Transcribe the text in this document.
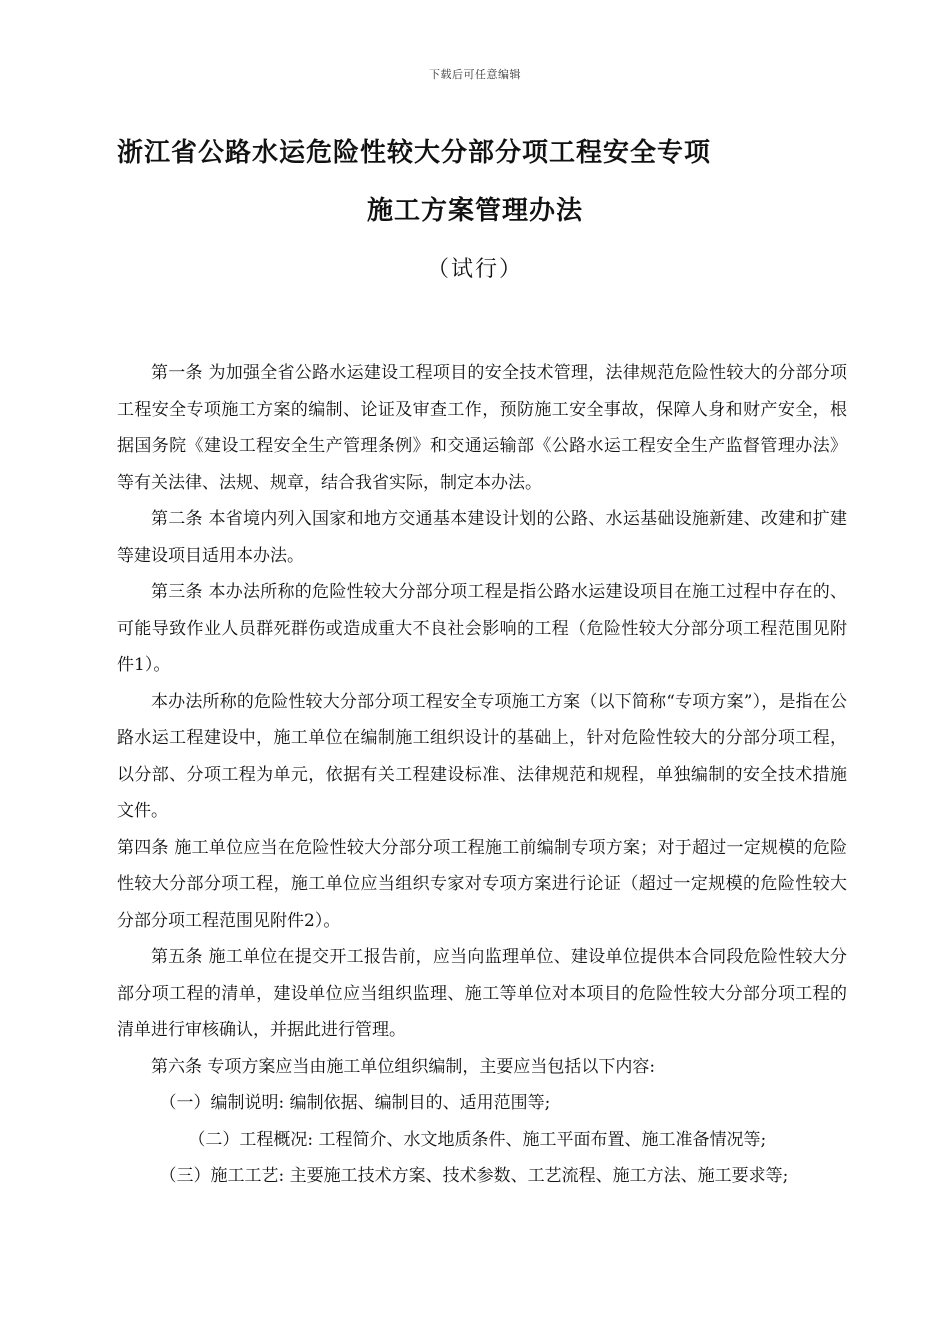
下载后可任意编辑
浙江省公路水运危险性较大分部分项工程安全专项
施工方案管理办法
（试行）

第一条 为加强全省公路水运建设工程项目的安全技术管理，法律规范危险性较大的分部分项工程安全专项施工方案的编制、论证及审查工作，预防施工安全事故，保障人身和财产安全，根据国务院《建设工程安全生产管理条例》和交通运输部《公路水运工程安全生产监督管理办法》等有关法律、法规、规章，结合我省实际，制定本办法。

第二条 本省境内列入国家和地方交通基本建设计划的公路、水运基础设施新建、改建和扩建等建设项目适用本办法。

第三条 本办法所称的危险性较大分部分项工程是指公路水运建设项目在施工过程中存在的、可能导致作业人员群死群伤或造成重大不良社会影响的工程（危险性较大分部分项工程范围见附件1）。

本办法所称的危险性较大分部分项工程安全专项施工方案（以下简称“专项方案”），是指在公路水运工程建设中，施工单位在编制施工组织设计的基础上，针对危险性较大的分部分项工程，以分部、分项工程为单元，依据有关工程建设标准、法律规范和规程，单独编制的安全技术措施文件。

第四条 施工单位应当在危险性较大分部分项工程施工前编制专项方案；对于超过一定规模的危险性较大分部分项工程，施工单位应当组织专家对专项方案进行论证（超过一定规模的危险性较大分部分项工程范围见附件2）。

第五条 施工单位在提交开工报告前，应当向监理单位、建设单位提供本合同段危险性较大分部分项工程的清单，建设单位应当组织监理、施工等单位对本项目的危险性较大分部分项工程的清单进行审核确认，并据此进行管理。

第六条 专项方案应当由施工单位组织编制，主要应当包括以下内容:

（一）编制说明: 编制依据、编制目的、适用范围等;

（二）工程概况: 工程简介、水文地质条件、施工平面布置、施工准备情况等;

（三）施工工艺: 主要施工技术方案、技术参数、工艺流程、施工方法、施工要求等;
